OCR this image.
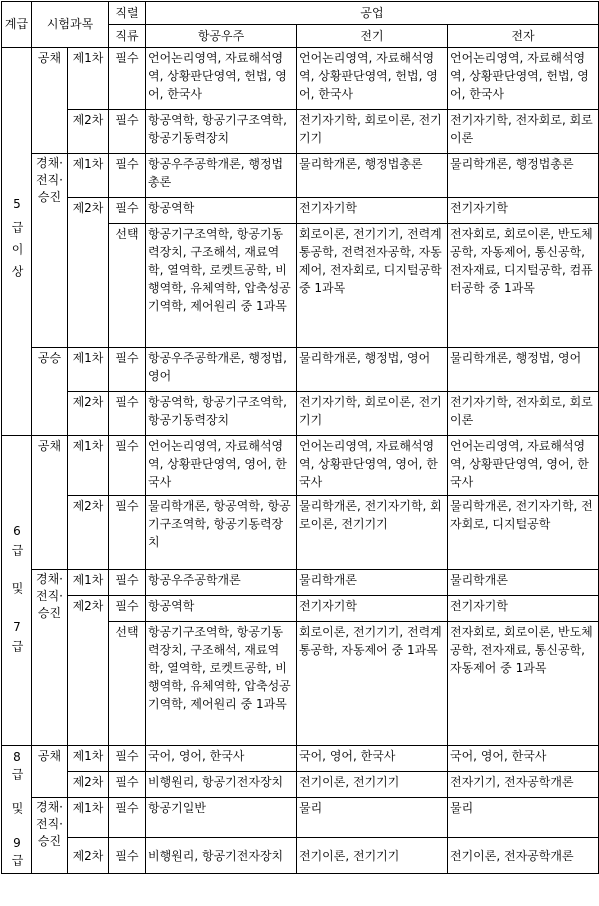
계급	시험과목		직렬	공업		
			직류	항공우주	전기	전자

5급이상	공채	제1차	필수	언어논리영역, 자료해석영역, 상황판단영역, 헌법, 영어, 한국사	언어논리영역, 자료해석영역, 상황판단영역, 헌법, 영어, 한국사	언어논리영역, 자료해석영역, 상황판단영역, 헌법, 영어, 한국사
		제2차	필수	항공역학, 항공기구조역학, 항공기동력장치	전기자기학, 회로이론, 전기기기	전기자기학, 전자회로, 회로이론
	경채·전직·승진	제1차	필수	항공우주공학개론, 행정법총론	물리학개론, 행정법총론	물리학개론, 행정법총론
		제2차	필수	항공역학	전기자기학	전기자기학
			선택	항공기구조역학, 항공기동력장치, 구조해석, 재료역학, 열역학, 로켓트공학, 비행역학, 유체역학, 압축성공기역학, 제어원리 중 1과목	회로이론, 전기기기, 전력계통공학, 전력전자공학, 자동제어, 전자회로, 디지털공학 중 1과목	전자회로, 회로이론, 반도체공학, 자동제어, 통신공학, 전자재료, 디지털공학, 컴퓨터공학 중 1과목
	공승	제1차	필수	항공우주공학개론, 행정법, 영어	물리학개론, 행정법, 영어	물리학개론, 행정법, 영어
		제2차	필수	항공역학, 항공기구조역학, 항공기동력장치	전기자기학, 회로이론, 전기기기	전기자기학, 전자회로, 회로이론
6급 및 7급	공채	제1차	필수	언어논리영역, 자료해석영역, 상황판단영역, 영어, 한국사	언어논리영역, 자료해석영역, 상황판단영역, 영어, 한국사	언어논리영역, 자료해석영역, 상황판단영역, 영어, 한국사
		제2차	필수	물리학개론, 항공역학, 항공기구조역학, 항공기동력장치	물리학개론, 전기자기학, 회로이론, 전기기기	물리학개론, 전기자기학, 전자회로, 디지털공학
	경채·전직·승진	제1차	필수	항공우주공학개론	물리학개론	물리학개론
		제2차	필수	항공역학	전기자기학	전기자기학
			선택	항공기구조역학, 항공기동력장치, 구조해석, 재료역학, 열역학, 로켓트공학, 비행역학, 유체역학, 압축성공기역학, 제어원리 중 1과목	회로이론, 전기기기, 전력계통공학, 자동제어 중 1과목	전자회로, 회로이론, 반도체공학, 전자재료, 통신공학, 자동제어 중 1과목
8급 및 9급	공채	제1차	필수	국어, 영어, 한국사	국어, 영어, 한국사	국어, 영어, 한국사
		제2차	필수	비행원리, 항공기전자장치	전기이론, 전기기기	전자기기, 전자공학개론
	경채·전직·승진	제1차	필수	항공기일반	물리	물리
		제2차	필수	비행원리, 항공기전자장치	전기이론, 전기기기	전기이론, 전자공학개론
